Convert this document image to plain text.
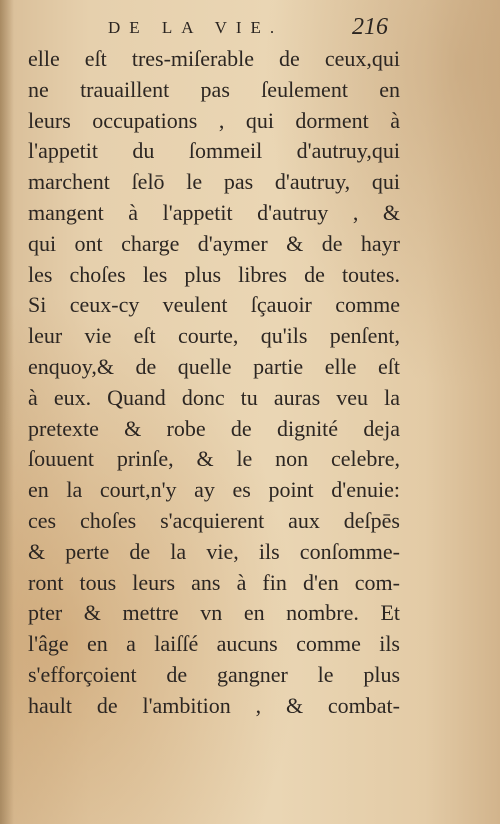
DE LA VIE.	216
elle eſt tres-miſerable de ceux,qui
ne trauaillent pas ſeulement en
leurs occupations , qui dorment à
l'appetit du ſommeil d'autruy,qui
marchent ſelō le pas d'autruy, qui
mangent à l'appetit d'autruy , &
qui ont charge d'aymer & de hayr
les choſes les plus libres de toutes.
Si ceux-cy veulent ſçauoir comme
leur vie eſt courte, qu'ils penſent,
enquoy,& de quelle partie elle eſt
à eux. Quand donc tu auras veu la
pretexte & robe de dignité deja
ſouuent prinſe, & le non celebre,
en la court,n'y ay es point d'enuie:
ces choſes s'acquierent aux deſpēs
& perte de la vie, ils conſomme-
ront tous leurs ans à fin d'en com-
pter & mettre vn en nombre. Et
l'âge en a laiſſé aucuns comme ils
s'efforçoient de gangner le plus
hault de l'ambition , & combat-
